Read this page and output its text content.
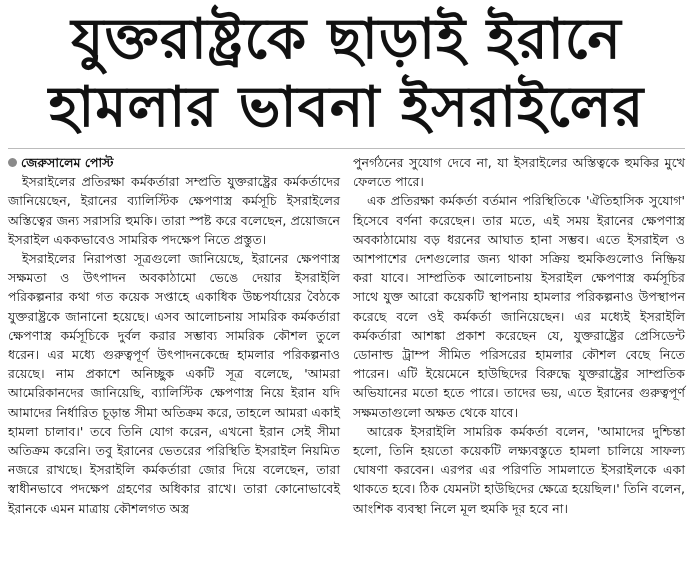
যুক্তরাষ্ট্রকে ছাড়াই ইরানে
হামলার ভাবনা ইসরাইলের

জেরুসালেম পোস্ট

ইসরাইলের প্রতিরক্ষা কর্মকর্তারা সম্প্রতি যুক্তরাষ্ট্রের কর্মকর্তাদের জানিয়েছেন, ইরানের ব্যালিস্টিক ক্ষেপণাস্ত্র কর্মসূচি ইসরাইলের অস্তিত্বের জন্য সরাসরি হুমকি। তারা স্পষ্ট করে বলেছেন, প্রয়োজনে ইসরাইল এককভাবেও সামরিক পদক্ষেপ নিতে প্রস্তুত।

ইসরাইলের নিরাপত্তা সূত্রগুলো জানিয়েছে, ইরানের ক্ষেপণাস্ত্র সক্ষমতা ও উৎপাদন অবকাঠামো ভেঙে দেয়ার ইসরাইলি পরিকল্পনার কথা গত কয়েক সপ্তাহে একাধিক উচ্চপর্যায়ের বৈঠকে যুক্তরাষ্ট্রকে জানানো হয়েছে। এসব আলোচনায় সামরিক কর্মকর্তারা ক্ষেপণাস্ত্র কর্মসূচিকে দুর্বল করার সম্ভাব্য সামরিক কৌশল তুলে ধরেন। এর মধ্যে গুরুত্বপূর্ণ উৎপাদনকেন্দ্রে হামলার পরিকল্পনাও রয়েছে। নাম প্রকাশে অনিচ্ছুক একটি সূত্র বলেছে, 'আমরা আমেরিকানদের জানিয়েছি, ব্যালিস্টিক ক্ষেপণাস্ত্র নিয়ে ইরান যদি আমাদের নির্ধারিত চূড়ান্ত সীমা অতিক্রম করে, তাহলে আমরা একাই হামলা চালাব।' তবে তিনি যোগ করেন, এখনো ইরান সেই সীমা অতিক্রম করেনি। তবু ইরানের ভেতরের পরিস্থিতি ইসরাইল নিয়মিত নজরে রাখছে। ইসরাইলি কর্মকর্তারা জোর দিয়ে বলেছেন, তারা স্বাধীনভাবে পদক্ষেপ গ্রহণের অধিকার রাখে। তারা কোনোভাবেই ইরানকে এমন মাত্রায় কৌশলগত অস্ত্র

পুনর্গঠনের সুযোগ দেবে না, যা ইসরাইলের অস্তিত্বকে হুমকির মুখে ফেলতে পারে।

এক প্রতিরক্ষা কর্মকর্তা বর্তমান পরিস্থিতিকে 'ঐতিহাসিক সুযোগ' হিসেবে বর্ণনা করেছেন। তার মতে, এই সময় ইরানের ক্ষেপণাস্ত্র অবকাঠামোয় বড় ধরনের আঘাত হানা সম্ভব। এতে ইসরাইল ও আশপাশের দেশগুলোর জন্য থাকা সক্রিয় হুমকিগুলোও নিষ্ক্রিয় করা যাবে। সাম্প্রতিক আলোচনায় ইসরাইল ক্ষেপণাস্ত্র কর্মসূচির সাথে যুক্ত আরো কয়েকটি স্থাপনায় হামলার পরিকল্পনাও উপস্থাপন করেছে বলে ওই কর্মকর্তা জানিয়েছেন। এর মধ্যেই ইসরাইলি কর্মকর্তারা আশঙ্কা প্রকাশ করেছেন যে, যুক্তরাষ্ট্রের প্রেসিডেন্ট ডোনাল্ড ট্রাম্প সীমিত পরিসরের হামলার কৌশল বেছে নিতে পারেন। এটি ইয়েমেনে হাউছিদের বিরুদ্ধে যুক্তরাষ্ট্রের সাম্প্রতিক অভিযানের মতো হতে পারে। তাদের ভয়, এতে ইরানের গুরুত্বপূর্ণ সক্ষমতাগুলো অক্ষত থেকে যাবে।

আরেক ইসরাইলি সামরিক কর্মকর্তা বলেন, 'আমাদের দুশ্চিন্তা হলো, তিনি হয়তো কয়েকটি লক্ষ্যবস্তুতে হামলা চালিয়ে সাফল্য ঘোষণা করবেন। এরপর এর পরিণতি সামলাতে ইসরাইলকে একা থাকতে হবে। ঠিক যেমনটা হাউছিদের ক্ষেত্রে হয়েছিল।' তিনি বলেন, আংশিক ব্যবস্থা নিলে মূল হুমকি দূর হবে না।
